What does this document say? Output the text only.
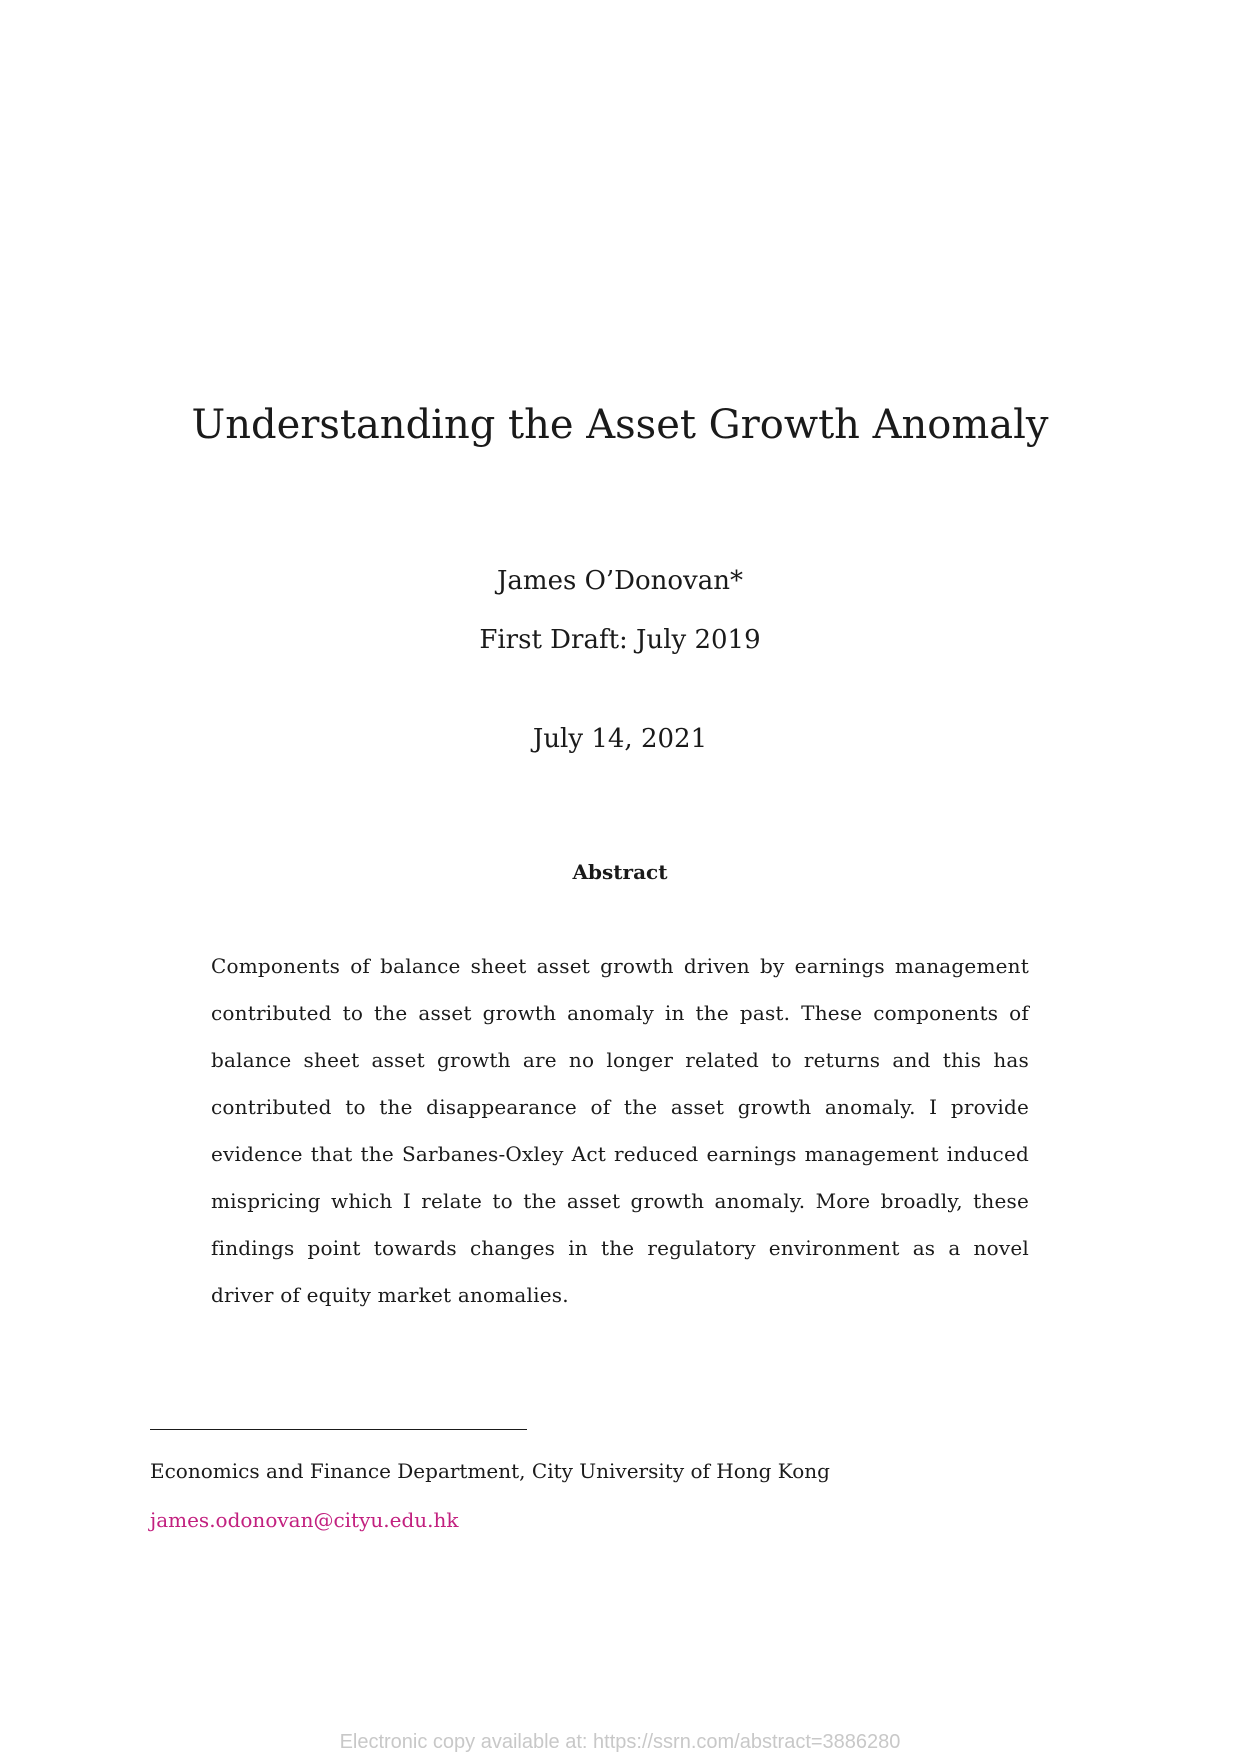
Understanding the Asset Growth Anomaly
James O’Donovan*
First Draft: July 2019
July 14, 2021
Abstract
Components of balance sheet asset growth driven by earnings management contributed to the asset growth anomaly in the past. These components of balance sheet asset growth are no longer related to returns and this has contributed to the disappearance of the asset growth anomaly. I provide evidence that the Sarbanes-Oxley Act reduced earnings management induced mispricing which I relate to the asset growth anomaly. More broadly, these findings point towards changes in the regulatory environment as a novel driver of equity market anomalies.
Economics and Finance Department, City University of Hong Kong
james.odonovan@cityu.edu.hk
Electronic copy available at: https://ssrn.com/abstract=3886280
